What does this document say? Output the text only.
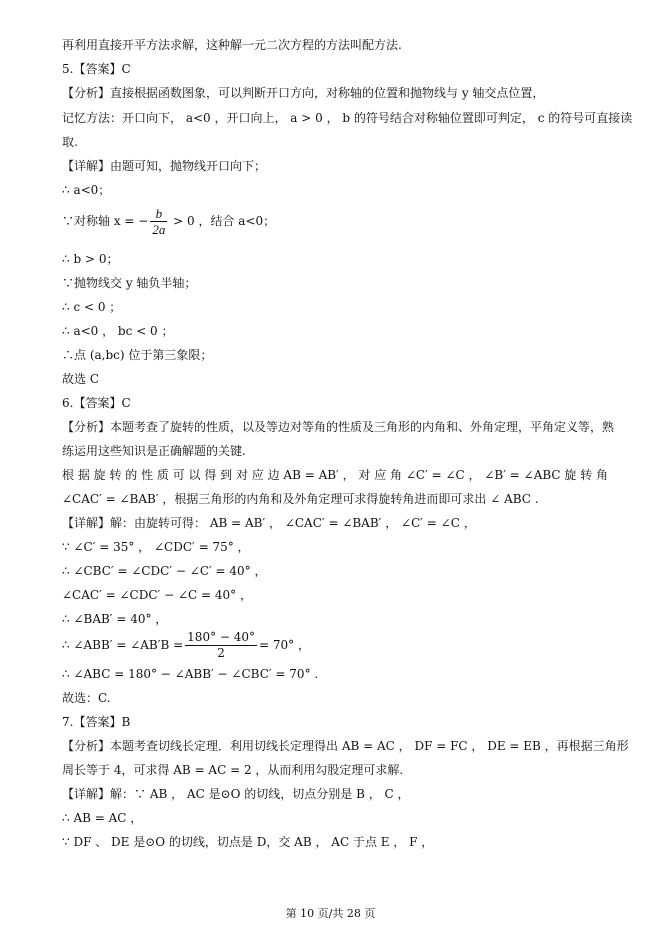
再利用直接开平方法求解，这种解一元二次方程的方法叫配方法.
5.【答案】C
【分析】直接根据函数图象，可以判断开口方向，对称轴的位置和抛物线与 y 轴交点位置，
记忆方法：开口向下， a<0 ，开口向上， a > 0 ， b 的符号结合对称轴位置即可判定， c 的符号可直接读
取.
【详解】由题可知，抛物线开口向下；
∴ a<0；
∵对称轴 x = − $\frac{b}{2a} > 0$ ，结合 a<0；
∴ b > 0；
∵抛物线交 y 轴负半轴；
∴ c < 0 ；
∴ a<0 ， bc < 0 ；
∴点 (a,bc) 位于第三象限；
故选 C
6.【答案】C
【分析】本题考查了旋转的性质，以及等边对等角的性质及三角形的内角和、外角定理，平角定义等，熟
练运用这些知识是正确解题的关键.
根 据 旋 转 的 性 质 可 以 得 到 对 应 边 AB = AB′ ， 对 应 角 ∠C′ = ∠C ， ∠B′ = ∠ABC 旋 转 角
∠CAC′ = ∠BAB′ ，根据三角形的内角和及外角定理可求得旋转角进而即可求出 ∠ ABC .
【详解】解：由旋转可得： AB = AB′ ， ∠CAC′ = ∠BAB′ ， ∠C′ = ∠C ，
∵ ∠C′ = 35° ， ∠CDC′ = 75° ，
∴ ∠CBC′ = ∠CDC′ − ∠C′ = 40° ，
∠CAC′ = ∠CDC′ − ∠C = 40° ，
∴ ∠BAB′ = 40° ，
∴ ∠ABB′ = ∠AB′B = $\frac{180^\circ - 40^\circ}{2} = 70^\circ$ ，
∴ ∠ABC = 180° − ∠ABB′ − ∠CBC′ = 70° .
故选：C.
7.【答案】B
【分析】本题考查切线长定理．利用切线长定理得出 AB = AC ， DF = FC ， DE = EB ，再根据三角形
周长等于 4，可求得 AB = AC = 2 ，从而利用勾股定理可求解.
【详解】解：∵ AB ， AC 是⊙O 的切线，切点分别是 B ， C ，
∴ AB = AC ，
∵ DF 、 DE 是⊙O 的切线，切点是 D，交 AB ， AC 于点 E ， F ，
第 10 页/共 28 页
